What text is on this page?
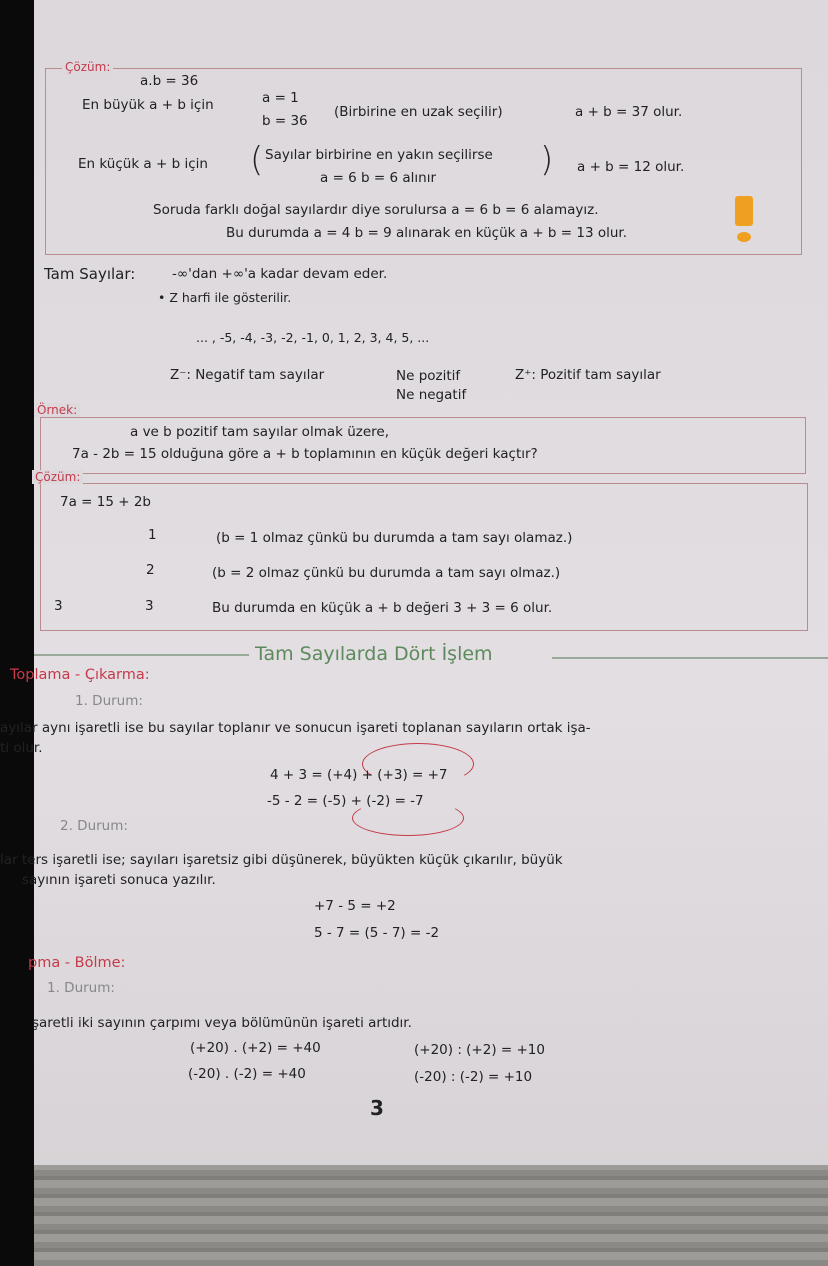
Çözüm:
a.b = 36
En büyük a + b için	a = 1
b = 36
(Birbirine en uzak seçilir)	a + b = 37 olur.
En küçük a + b için ( Sayılar birbirine en yakın seçilirse
a = 6 b = 6 alınır	) a + b = 12 olur.
Soruda farklı doğal sayılardır diye sorulursa a = 6 b = 6 alamayız.
Bu durumda a = 4 b = 9 alınarak en küçük a + b = 13 olur.
Tam Sayılar:	-∞'dan +∞'a kadar devam eder.
• Z harfi ile gösterilir.
... , -5, -4, -3, -2, -1, 0, 1, 2, 3, 4, 5, ...
Z⁻: Negatif tam sayılar	Ne pozitif
Ne negatif
Z⁺: Pozitif tam sayılar
Örnek:
a ve b pozitif tam sayılar olmak üzere,
7a - 2b = 15 olduğuna göre a + b toplamının en küçük değeri kaçtır?
Çözüm:
7a = 15 + 2b
1	(b = 1 olmaz çünkü bu durumda a tam sayı olamaz.)
2	(b = 2 olmaz çünkü bu durumda a tam sayı olmaz.)
3	3	Bu durumda en küçük a + b değeri 3 + 3 = 6 olur.
Tam Sayılarda Dört İşlem
Toplama - Çıkarma:
1. Durum:
ayılar aynı işaretli ise bu sayılar toplanır ve sonucun işareti toplanan sayıların ortak işa-
ti olur.
4 + 3 = (+4) + (+3) = +7
-5 - 2 = (-5) + (-2) = -7
2. Durum:
lar ters işaretli ise; sayıları işaretsiz gibi düşünerek, büyükten küçük çıkarılır, büyük
sayının işareti sonuca yazılır.
+7 - 5 = +2
5 - 7 = (5 - 7) = -2
pma - Bölme:
1. Durum:
şaretli iki sayının çarpımı veya bölümünün işareti artıdır.
(+20) . (+2) = +40	(+20) : (+2) = +10
(-20) . (-2) = +40	(-20) : (-2) = +10
3
